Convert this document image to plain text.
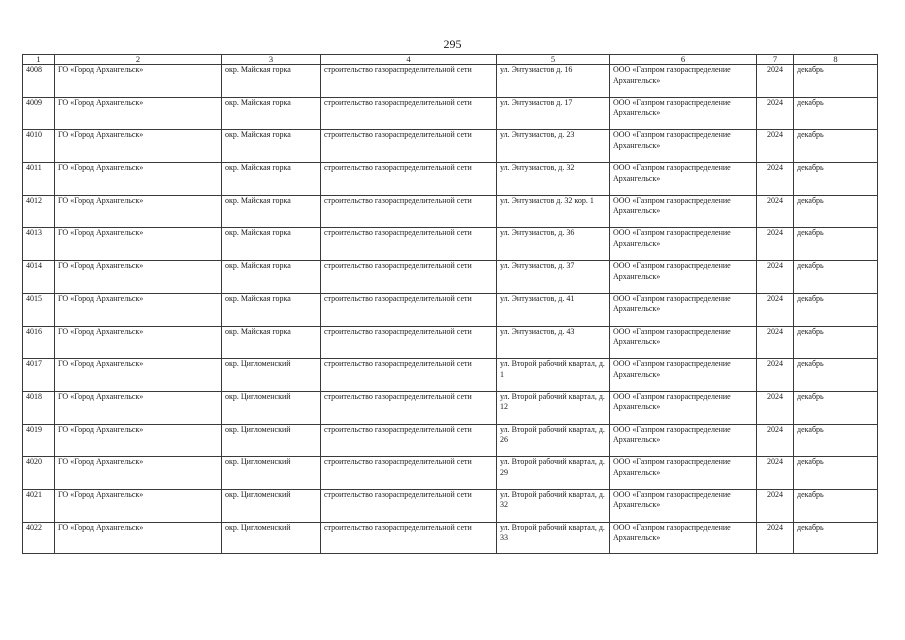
295
1	2	3	4	5	6	7	8
4008	ГО «Город Архангельск»	окр. Майская горка	строительство газораспределительной сети	ул. Энтузиастов д. 16	ООО «Газпром газораспределение Архангельск»	2024	декабрь
4009	ГО «Город Архангельск»	окр. Майская горка	строительство газораспределительной сети	ул. Энтузиастов д. 17	ООО «Газпром газораспределение Архангельск»	2024	декабрь
4010	ГО «Город Архангельск»	окр. Майская горка	строительство газораспределительной сети	ул. Энтузиастов, д. 23	ООО «Газпром газораспределение Архангельск»	2024	декабрь
4011	ГО «Город Архангельск»	окр. Майская горка	строительство газораспределительной сети	ул. Энтузиастов, д. 32	ООО «Газпром газораспределение Архангельск»	2024	декабрь
4012	ГО «Город Архангельск»	окр. Майская горка	строительство газораспределительной сети	ул. Энтузиастов д. 32 кор. 1	ООО «Газпром газораспределение Архангельск»	2024	декабрь
4013	ГО «Город Архангельск»	окр. Майская горка	строительство газораспределительной сети	ул. Энтузиастов, д. 36	ООО «Газпром газораспределение Архангельск»	2024	декабрь
4014	ГО «Город Архангельск»	окр. Майская горка	строительство газораспределительной сети	ул. Энтузиастов, д. 37	ООО «Газпром газораспределение Архангельск»	2024	декабрь
4015	ГО «Город Архангельск»	окр. Майская горка	строительство газораспределительной сети	ул. Энтузиастов, д. 41	ООО «Газпром газораспределение Архангельск»	2024	декабрь
4016	ГО «Город Архангельск»	окр. Майская горка	строительство газораспределительной сети	ул. Энтузиастов, д. 43	ООО «Газпром газораспределение Архангельск»	2024	декабрь
4017	ГО «Город Архангельск»	окр. Цигломенский	строительство газораспределительной сети	ул. Второй рабочий квартал, д. 1	ООО «Газпром газораспределение Архангельск»	2024	декабрь
4018	ГО «Город Архангельск»	окр. Цигломенский	строительство газораспределительной сети	ул. Второй рабочий квартал, д. 12	ООО «Газпром газораспределение Архангельск»	2024	декабрь
4019	ГО «Город Архангельск»	окр. Цигломенский	строительство газораспределительной сети	ул. Второй рабочий квартал, д. 26	ООО «Газпром газораспределение Архангельск»	2024	декабрь
4020	ГО «Город Архангельск»	окр. Цигломенский	строительство газораспределительной сети	ул. Второй рабочий квартал, д. 29	ООО «Газпром газораспределение Архангельск»	2024	декабрь
4021	ГО «Город Архангельск»	окр. Цигломенский	строительство газораспределительной сети	ул. Второй рабочий квартал, д. 32	ООО «Газпром газораспределение Архангельск»	2024	декабрь
4022	ГО «Город Архангельск»	окр. Цигломенский	строительство газораспределительной сети	ул. Второй рабочий квартал, д. 33	ООО «Газпром газораспределение Архангельск»	2024	декабрь
